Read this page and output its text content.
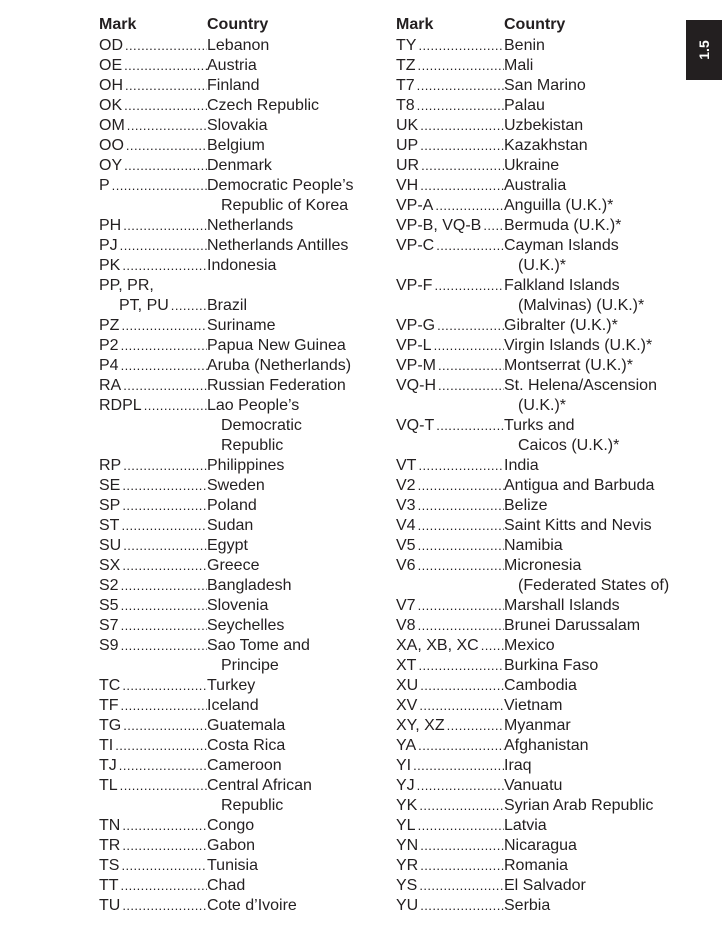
1.5
Mark	Country
OD . . .	Lebanon
OE . . .	Austria
OH . . .	Finland
OK . . .	Czech Republic
OM . . .	Slovakia
OO . . .	Belgium
OY . . .	Denmark
P . . .	Democratic People’s
Republic of Korea
PH . . .	Netherlands
PJ . . .	Netherlands Antilles
PK . . .	Indonesia
PP, PR,
PT, PU . . .	Brazil
PZ . . .	Suriname
P2 . . .	Papua New Guinea
P4 . . .	Aruba (Netherlands)
RA . . .	Russian Federation
RDPL . . .	Lao People’s
Democratic
Republic
RP . . .	Philippines
SE . . .	Sweden
SP . . .	Poland
ST . . .	Sudan
SU . . .	Egypt
SX . . .	Greece
S2 . . .	Bangladesh
S5 . . .	Slovenia
S7 . . .	Seychelles
S9 . . .	Sao Tome and
Principe
TC . . .	Turkey
TF . . .	Iceland
TG . . .	Guatemala
TI . . .	Costa Rica
TJ . . .	Cameroon
TL . . .	Central African
Republic
TN . . .	Congo
TR . . .	Gabon
TS . . .	Tunisia
TT . . .	Chad
TU . . .	Cote d’Ivoire
Mark	Country
TY . . .	Benin
TZ . . .	Mali
T7 . . .	San Marino
T8 . . .	Palau
UK . . .	Uzbekistan
UP . . .	Kazakhstan
UR . . .	Ukraine
VH . . .	Australia
VP-A . . .	Anguilla (U.K.)*
VP-B, VQ-B . . .	Bermuda (U.K.)*
VP-C . . .	Cayman Islands
(U.K.)*
VP-F . . .	Falkland Islands
(Malvinas) (U.K.)*
VP-G . . .	Gibralter (U.K.)*
VP-L . . .	Virgin Islands (U.K.)*
VP-M . . .	Montserrat (U.K.)*
VQ-H . . .	St. Helena/Ascension
(U.K.)*
VQ-T . . .	Turks and
Caicos (U.K.)*
VT . . .	India
V2 . . .	Antigua and Barbuda
V3 . . .	Belize
V4 . . .	Saint Kitts and Nevis
V5 . . .	Namibia
V6 . . .	Micronesia
(Federated States of)
V7 . . .	Marshall Islands
V8 . . .	Brunei Darussalam
XA, XB, XC . . .	Mexico
XT . . .	Burkina Faso
XU . . .	Cambodia
XV . . .	Vietnam
XY, XZ . . .	Myanmar
YA . . .	Afghanistan
YI . . .	Iraq
YJ . . .	Vanuatu
YK . . .	Syrian Arab Republic
YL . . .	Latvia
YN . . .	Nicaragua
YR . . .	Romania
YS . . .	El Salvador
YU . . .	Serbia
